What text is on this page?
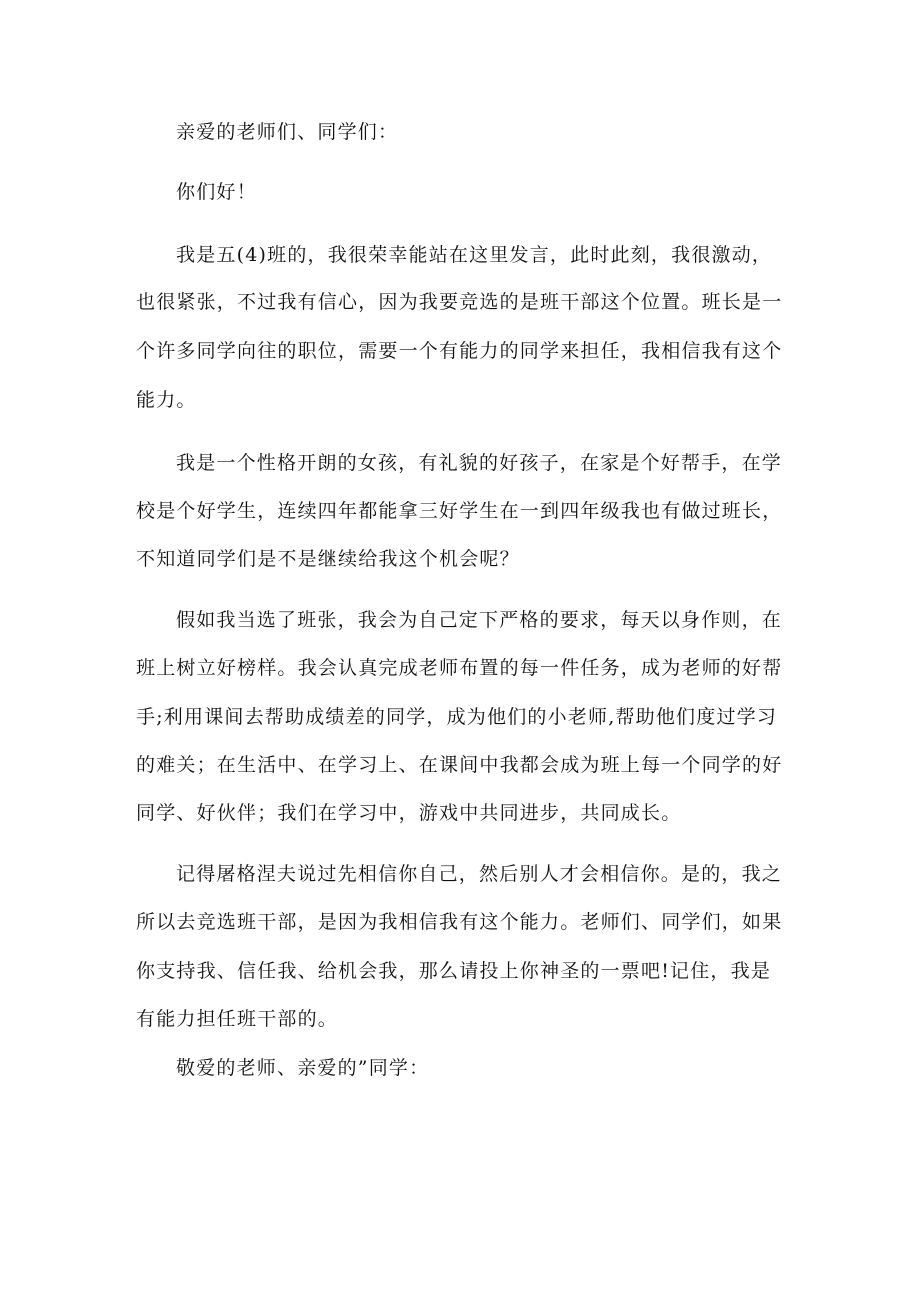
亲爱的老师们、同学们：
你们好！
我是五(4)班的，我很荣幸能站在这里发言，此时此刻，我很激动，
也很紧张，不过我有信心，因为我要竞选的是班干部这个位置。班长是一
个许多同学向往的职位，需要一个有能力的同学来担任，我相信我有这个
能力。
我是一个性格开朗的女孩，有礼貌的好孩子，在家是个好帮手，在学
校是个好学生，连续四年都能拿三好学生在一到四年级我也有做过班长，
不知道同学们是不是继续给我这个机会呢？
假如我当选了班张，我会为自己定下严格的要求，每天以身作则，在
班上树立好榜样。我会认真完成老师布置的每一件任务，成为老师的好帮
手;利用课间去帮助成绩差的同学，成为他们的小老师,帮助他们度过学习
的难关；在生活中、在学习上、在课间中我都会成为班上每一个同学的好
同学、好伙伴；我们在学习中，游戏中共同进步，共同成长。
记得屠格涅夫说过先相信你自己，然后别人才会相信你。是的，我之
所以去竞选班干部，是因为我相信我有这个能力。老师们、同学们，如果
你支持我、信任我、给机会我，那么请投上你神圣的一票吧!记住，我是
有能力担任班干部的。
敬爱的老师、亲爱的”同学：
